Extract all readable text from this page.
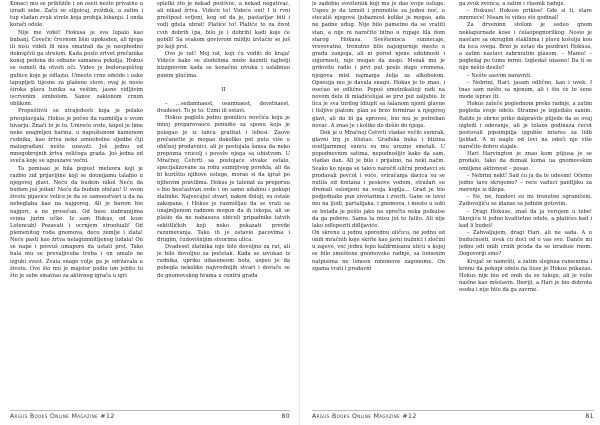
Konaci mu se približile i on oseti nešto privatno u izradi sebe. Začu se slijoicaj, zvižduk, a zatim i tup vladan zvuk strele koja probija lobanju. I onda korači odole.

Nije me videl! Hokusa je sva lupalo kao bubanj. Čovečic črevnom lišio upokoden, ali njega ili nisu videli ili nisu smatrali da je neophodno dokrajčiti ga strelom. Kada poslo zrtvet prečanika konoj pedona do odbane samanea pokolja, Hokus se osmeli da otvoti oči. Video je bedoraspištog gubice koje je odlazio. Umesto crne odelde i uske lapupljeti tijesne za plašene slove, ovaj je nosio široka plavu tuniku sa veštim, jasno vidljivim iscrvenim simbolom. Sanoc zaklonom crnim oblikom.

Propuštivši se utrajedosti koja je polako preuplavijala, Hokus je počeo da razmišlja o svom bivarju. Znači to je to. Umreće ovde, kopol je lime neke unajmljen barinu, u napuštenom kamenom rudniku, kao žrtva neke umnobolne sljedbe čiji malograđani nešto uzavati. Još jednu od mnogobrojnih žrtva veličoga grada. Još jedna od sveča koje se uguuzave večni.

Ta pomisao je bila popust meteora koji je razbio zid prijavljine koji se doonijamu talahio u njegovoj glavi. Neću da budem nikol Neću da budem još jedan! Neću da budem ohičan! U svom životu pijavice velice je da se samoostvari u da na nebeglaba kao na najgoreg. Ali je barem bio najgori, a ne prosečan. Od bese izabranijima svima jurim učko. Iz sam Hokus, od koze Lotencabl Pozavati i ocrnjem stroofuali! Od plemenitog roda gnomova, deco zemlje i zlata! Neće pasti kao žrtva nelagumnitljenog ludala! On se nape i posvuš umapore da ustati prst. Tako bala mu se prevaljivoba treba i on umalo ne izgubi svest. Zvaia snage volje ga je održavala u životu. Ove što mu je majstor podio um jebito to što je sebe smatrao za aktivnog igrača u igri

spletki što je nekad postivoc, a nekad negativac, ali nikad žrtva. Videće to! Videće oni! I ti rvni preštpost svfjoni, kog od da je, pastarljar biti i vodi gdela ubrat! Platiće to! Platiće to za život cvih dobrih (pa, bilo je i dobrih) kadi koje će pobili! Sa svakom govivrom mildju izvlačio se još po koji prst.

Ovo je rat! Moj rat, koji ću voditi do kraja! Videće kako se zlodelima može kazniti najbolji bizzgnovim kada se konačno izvuku i uslabnuo punim plućima.

II

– …sedamnaest, osamnaest, devetnaest, dvadeset. To je to. Uzmi ili ostavi.

Hokus poglelu jednu gomilicu novčića koju je mnoj preparovaoce ponudio za sponu koja je polegao je iz lanca gratitat i lebesi. Zaove prečanette je mogao dakoliko pet puta više u običnoj prodavnici, ali je postojala šansa da neko prepozna vrucelj i poveže njega sa ubistvom. U Mračnoj Četvrti sa postojaće stvake ostalo, specijalizovane za robu sumnjivog porekla, ali da bi kurištio njihove usluge, morao si da igraš po njihovim pravilima. Hokus je talenat za preporuu s bio besčastvan ovde i on samo udahnu i pokupi zlatnike. Najvećajuć stvari, nakon doloji, su ostale zakopane, i Hokus je razmišljao da se vrati sa unajmljenom radnom mogun da ih iskopa, ali se plašio da ne nabasava ubiceli pripadnike tatvih sektitličkih koji neko pokazati prevde razumevanja. Tako ih je ostavio pacovima i drugim, čudovišnijim stvorima ulica.

Dvadeset zlatnika nije bilo dovoljno za rat, ali je bilo dovoljno za početak. Kada se izvukao iz rudnika, upriko udaseneom bolu, uspeo je da pobegla nekolike najvrednijih stvari i dovuče se do gnomovskog hrama u centru grada

Argus Books Online Magazine #12	80

je zadobio svešteniik koji mu je dao svoje usluge. Uspeo je da izmoli i premoliše za jednu noć, u stecališ njegova ljubaznost koliko je mogao, ada ne padne uđug. Nije bilo pametno da se vratiti stan, a nije ni naročito bitno u rupaje lila dom starog Hokusa. Sveštenisca sunnecaje, vrevovatno, trenutno bilo najsigurnije mesto u gradu zanjega, ali ni pored njene udobnosti i sigurnosti, nije mogao da zaspi. Mozak mu je grdovito radio i prvi put posle dugo vremena, njegova misl najmanja želja za alkoholom. Opsesija mu je davala snagu. Hokus je to znao, i osećao se odlično. Popuš umetnikalioji radi na novom delu ili mladićelujai se prvi put zaljubio. Iz lica je sva tnrdog ldiuplt sa šalanom njoml glavne i lisljivo platom: plan se brzo formirao u njegovoj glavi, ali da bi ga sproveo, bio mu je potreban novac. A znao je i koliko do došlo do njega.

Dok je u Mračnoj Četvrti vladao večiti sumrak, glavni trg je blistao. Građska buka i blizina osetljarmmoj suncu su mu urezno smetali. U popodnevnim satima, nepodnošljiv kako da sam, vladao dan. Ali je bilo i prijatno, na neki način. Svako ko njega se takvo naročit ulični prodavci su prodavali pevcot i voće, sviračanja dacica su se nutila od fontana i peskove vodom, stražari su dremali oslonjeni na svoja koplja… Grad je bio podjednako pun zivotarima i zverti. Gane se lovsi mu na ljudi, partalijaka, i gnomova, i mesto u sobi se belada je pošlo jako na sprečtu neka polkulse da ga pobere. Sama ta misu jot to falilo. Ali nije lako odlepeziti diflijaviće.

On skrenu u jednu sporednu uličicu, ne jednu od onih mračnih koje skrite kao javni nužnici i zločini u zajevo, već jednu lepu kaldrmisanu ulicu u kojoj se bilo smeštene gnomovske radnje, sa lumenim natpisima ne loneon nmomove zagonome. On zgama vrati i prodavni

ga zvuk zvonca, a zatim i vlasnik radnje.

– Hokuse! Hokuse prikise! Gde si ti, stare mmmeće! Nisam te video sto godinal!

Za drveninn stolom je sedeo gnom neklapurnade kose i ćelaopognorilkog. Nosio je naočare sa okruglim stakliima i plavu košulju koo da isca svega. Brzo je ustao da pozdravi Hokusa, a zatim nastavi zabrinutim glasom. – Mamo! – pogledaj po tume mrno. Izgledaš užasno! Da ti se nije nešto desilo?

– Nešto sasvim naravnti.

– Nebrini, Hari, jasam odlično, kao i uvek. I tnas sam nešto sa njenom, ali i što će to sene mode isprav iti.

Hokus zateče poglednom preko radnje, a zatim pogleda svoje odelo. Stranno je izgledalo sanim. Ratdo je obrno priko dalpravile piljede da se ovaj izgledi i odevanje, ali je tolaxn godinaza čećot postovali pipsimpilja izgubše interes za lidb ljeldad. A ni nagle od levi na odeći nje više naročito dobro stajale.

Hari Harvington je znao kom ptijusa je se prodalo, tako da dumak koma ua gnomovskim omiljene aktivnost – posao.

– Nebrini nekt! Sad ću ja da te udesim! Očemo jedno tavo skrojemo? – reće vaduci pantljiku za merenje iz džepa.

– Ne, ne, fondovi su mi trenutno ograničeni. Zadovoljiću se idanas sa jednim gotovim.

– Dragi Hokuse, znaš da ja verujem u tebe! Skrojiću ti jedno kvalitetno odelo, a platićes kad i kad li budeš!

– Zahvaljujem, dragi Hari, ali ne sada. A u budućnosti, uvek ću doći od o vas svo. Danče mi jedno odi onih crnih pcoda da se izraduie rnom. Dogovoriji smo?

Krojač se namršti, a zatim slegnua ramenima i krenu da pokupi odelo na liuse je Hokus pokazao. Hokus nije bio od onih da se tukuje, ali je volio naslne kao mšolavin. Iboriji, a Hari je bio dobrota osoba i nije htio da ga zavrne.

Argus Books Online Magazine #12	81
